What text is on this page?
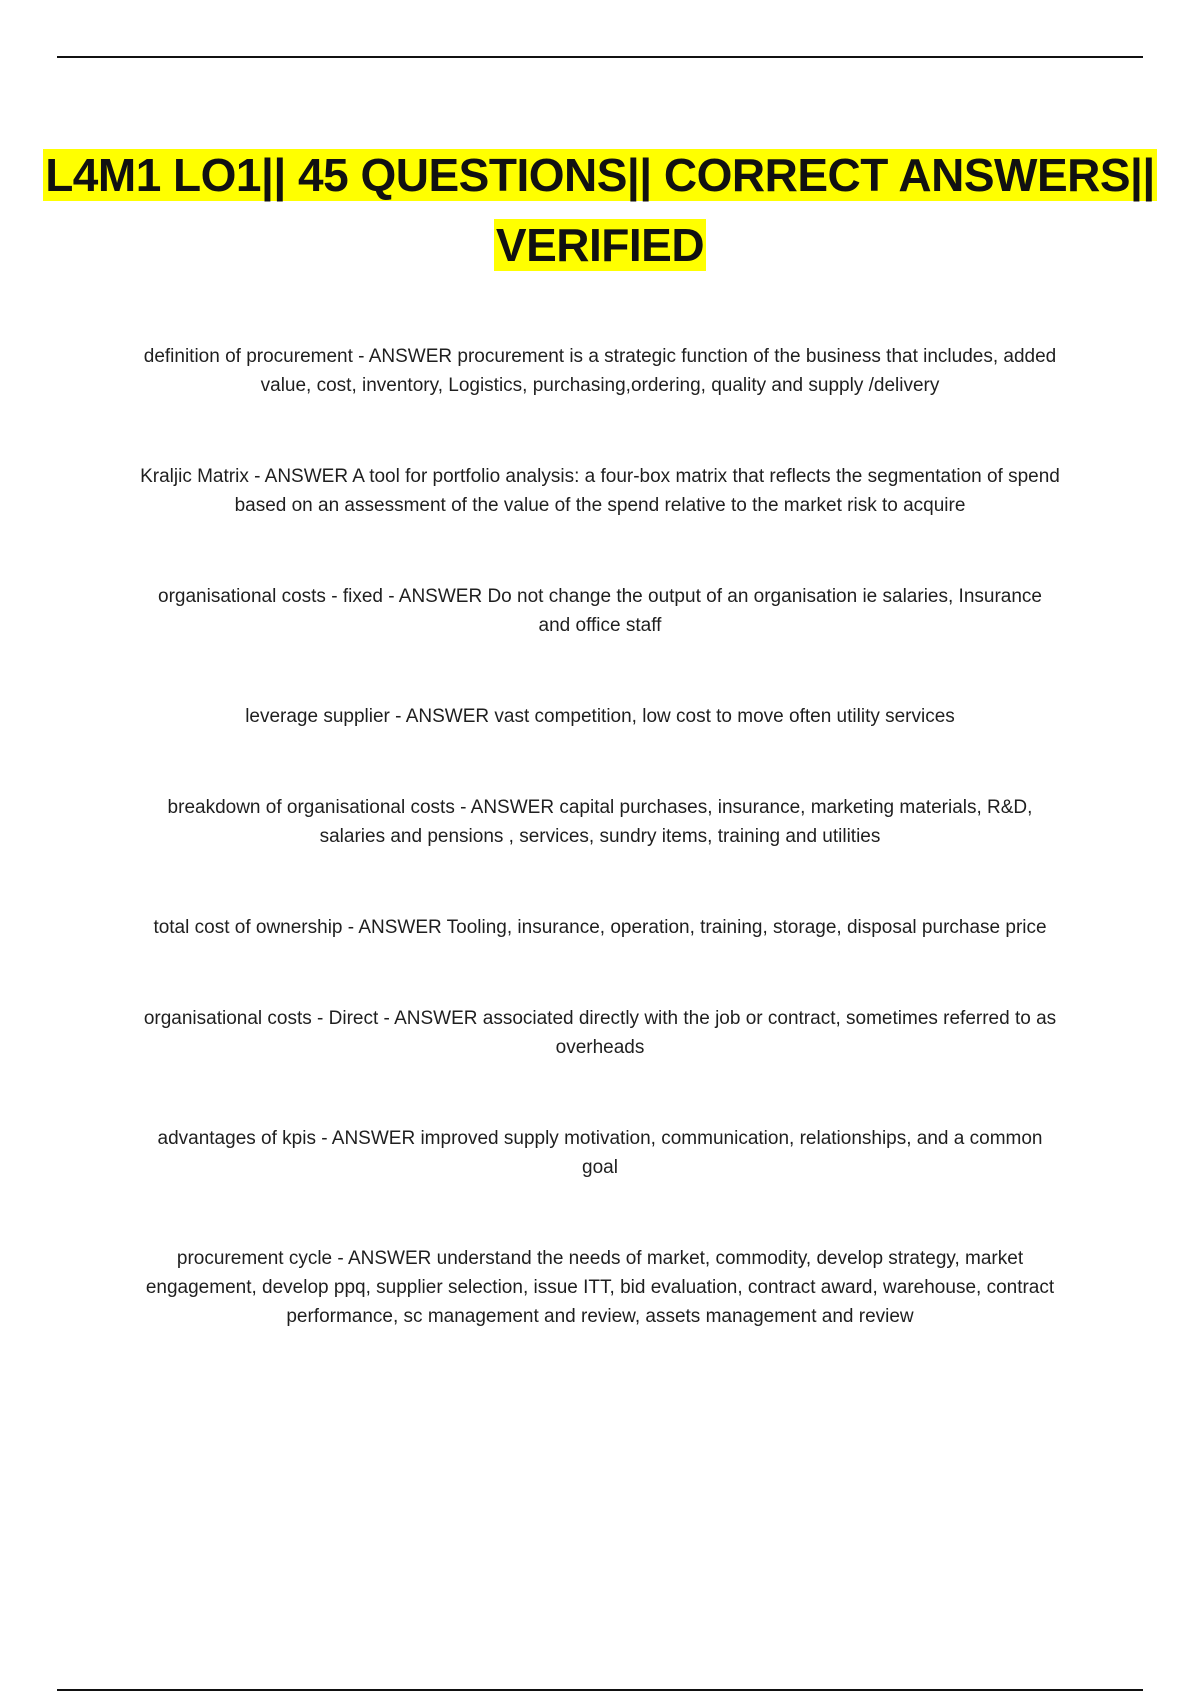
L4M1 LO1|| 45 QUESTIONS|| CORRECT ANSWERS|| VERIFIED

definition of procurement - ANSWER procurement is a strategic function of the business that includes, added value, cost, inventory, Logistics, purchasing,ordering, quality and supply /delivery

Kraljic Matrix - ANSWER A tool for portfolio analysis: a four-box matrix that reflects the segmentation of spend based on an assessment of the value of the spend relative to the market risk to acquire

organisational costs - fixed - ANSWER Do not change the output of an organisation ie salaries, Insurance and office staff

leverage supplier - ANSWER vast competition, low cost to move often utility services

breakdown of organisational costs - ANSWER capital purchases, insurance, marketing materials, R&D, salaries and pensions , services, sundry items, training and utilities

total cost of ownership - ANSWER Tooling, insurance, operation, training, storage, disposal purchase price

organisational costs - Direct - ANSWER associated directly with the job or contract, sometimes referred to as overheads

advantages of kpis - ANSWER improved supply motivation, communication, relationships, and a common goal

procurement cycle - ANSWER understand the needs of market, commodity, develop strategy, market engagement, develop ppq, supplier selection, issue ITT, bid evaluation, contract award, warehouse, contract performance, sc management and review, assets management and review
